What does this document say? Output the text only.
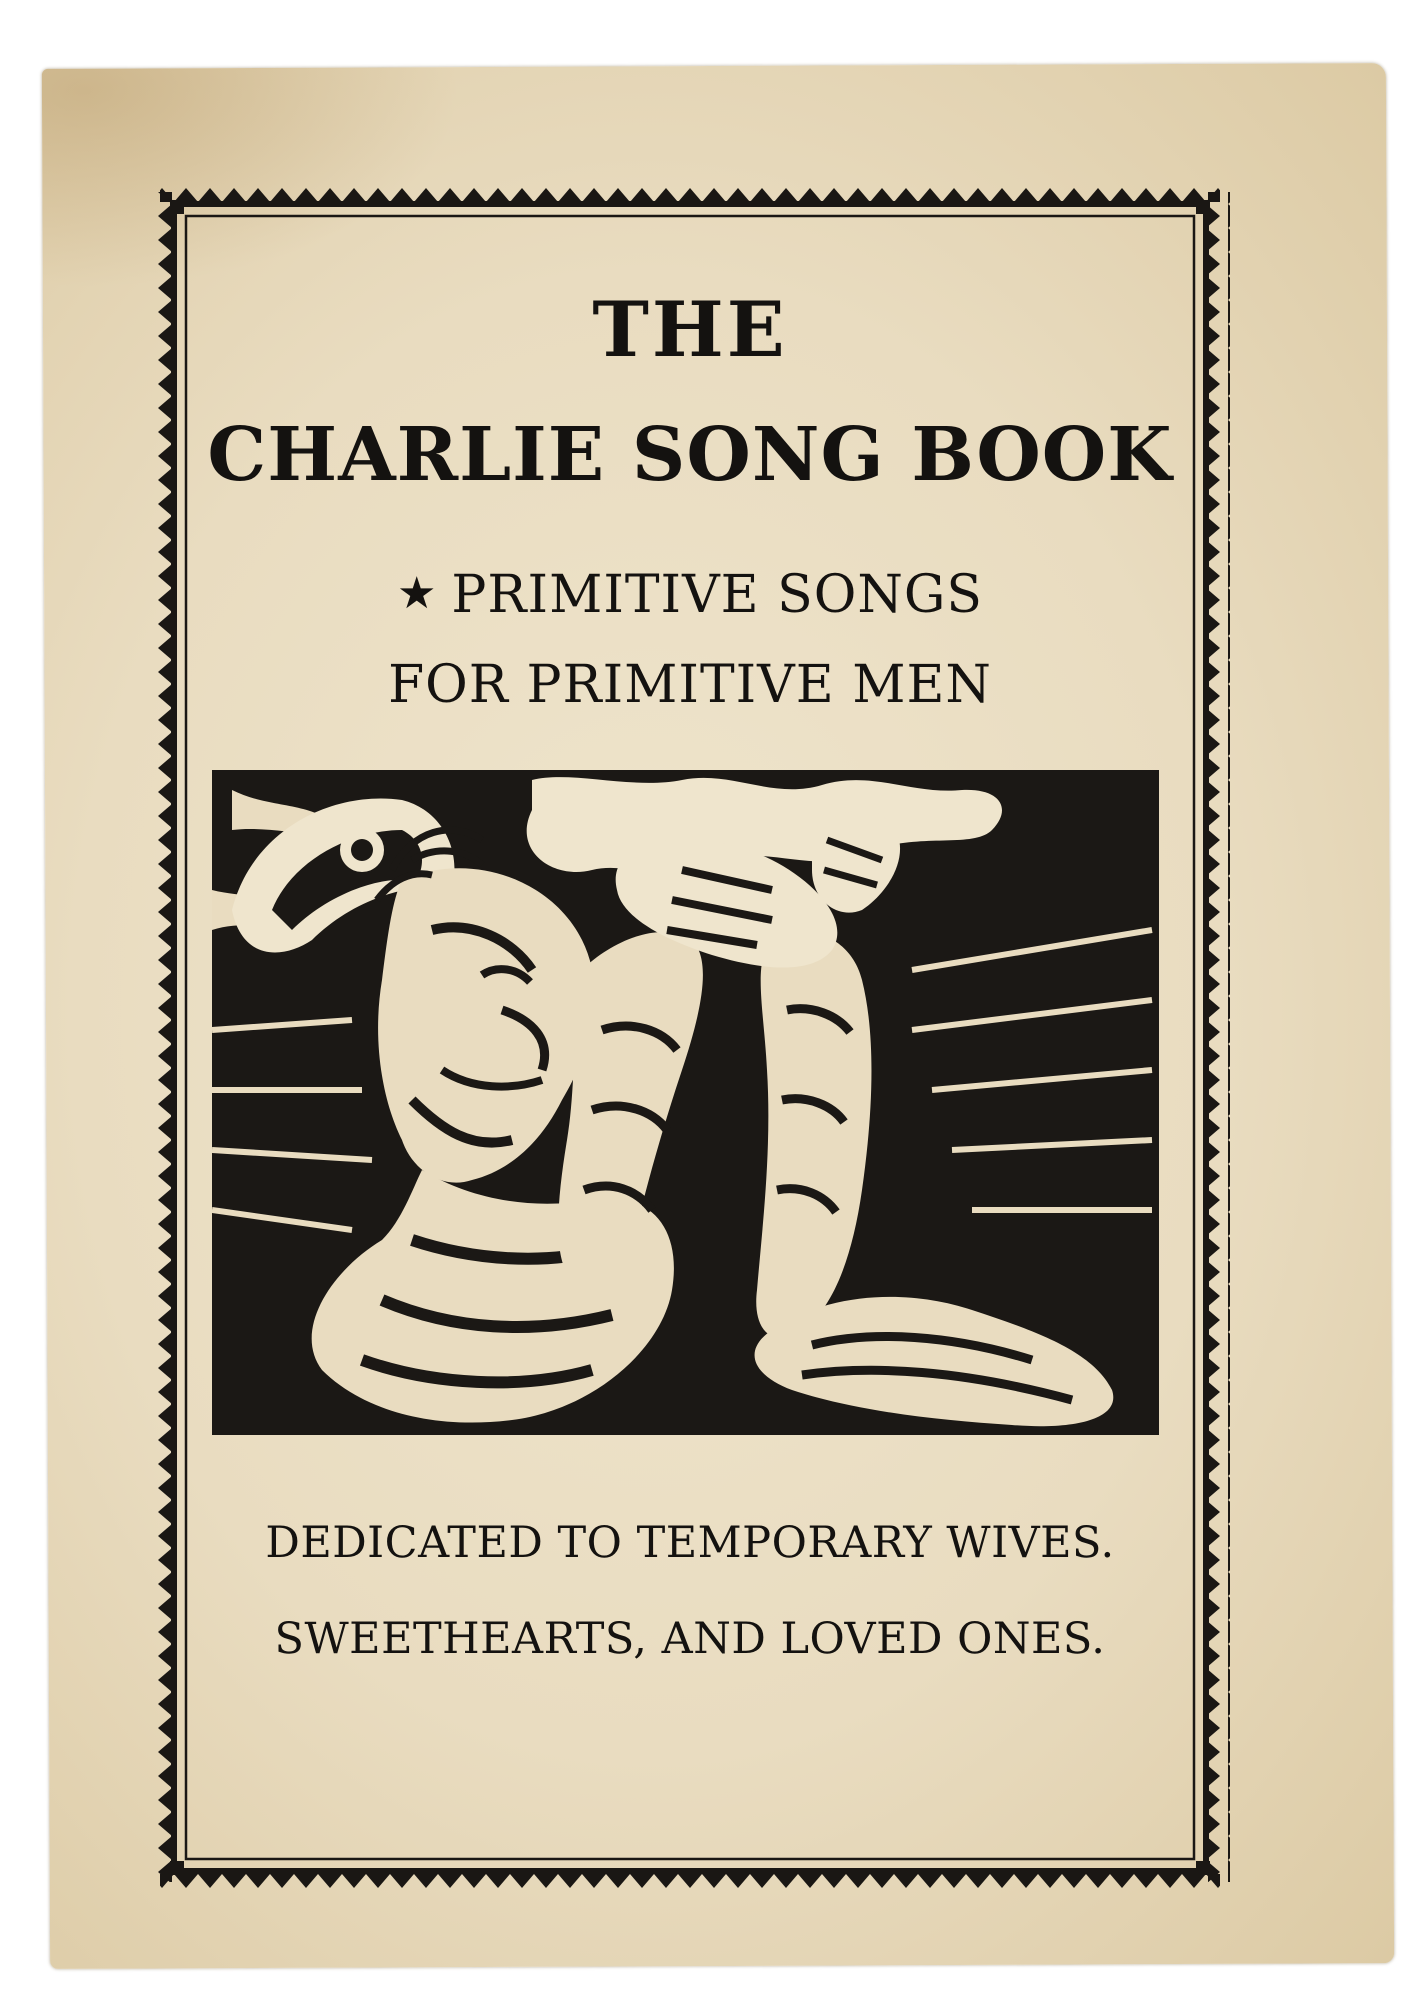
THE
CHARLIE SONG BOOK
★ PRIMITIVE SONGS
FOR PRIMITIVE MEN
DEDICATED TO TEMPORARY WIVES.
SWEETHEARTS, AND LOVED ONES.
